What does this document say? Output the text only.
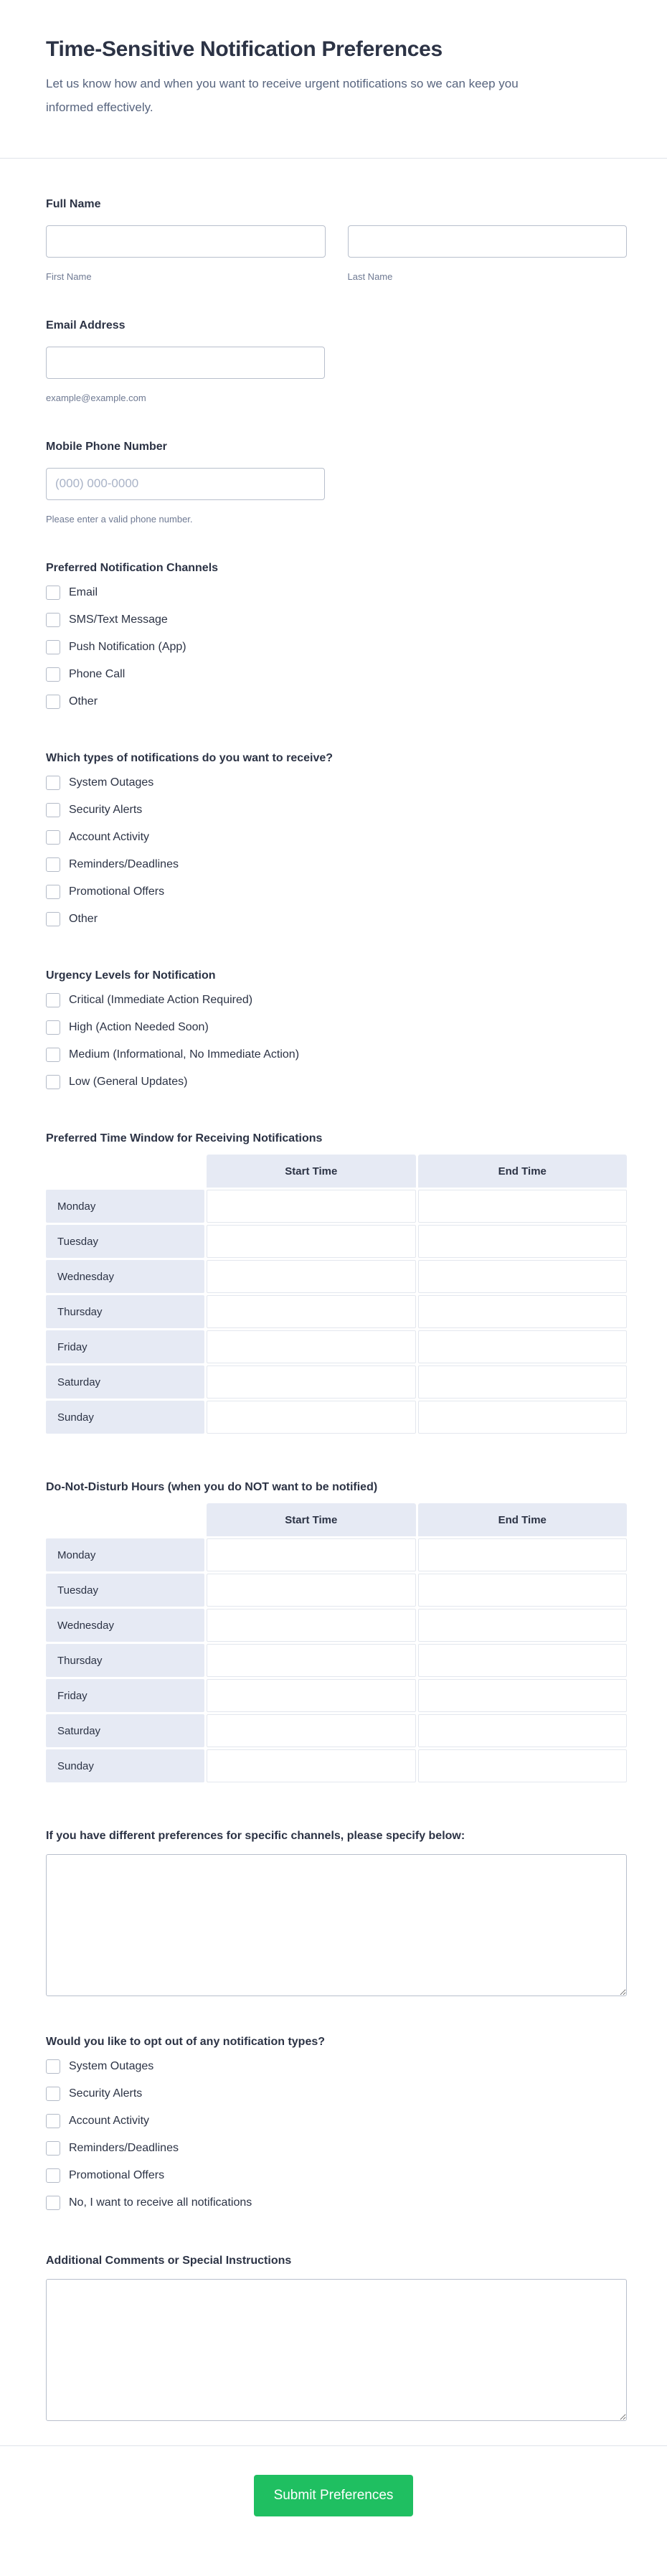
Time-Sensitive Notification Preferences
Let us know how and when you want to receive urgent notifications so we can keep you informed effectively.
Full Name
First Name	Last Name
Email Address
example@example.com
Mobile Phone Number
(000) 000-0000
Please enter a valid phone number.
Preferred Notification Channels
Email
SMS/Text Message
Push Notification (App)
Phone Call
Other
Which types of notifications do you want to receive?
System Outages
Security Alerts
Account Activity
Reminders/Deadlines
Promotional Offers
Other
Urgency Levels for Notification
Critical (Immediate Action Required)
High (Action Needed Soon)
Medium (Informational, No Immediate Action)
Low (General Updates)
Preferred Time Window for Receiving Notifications
	Start Time	End Time
Monday		
Tuesday		
Wednesday		
Thursday		
Friday		
Saturday		
Sunday		
Do-Not-Disturb Hours (when you do NOT want to be notified)
	Start Time	End Time
Monday		
Tuesday		
Wednesday		
Thursday		
Friday		
Saturday		
Sunday		
If you have different preferences for specific channels, please specify below:
Would you like to opt out of any notification types?
System Outages
Security Alerts
Account Activity
Reminders/Deadlines
Promotional Offers
No, I want to receive all notifications
Additional Comments or Special Instructions
Submit Preferences
